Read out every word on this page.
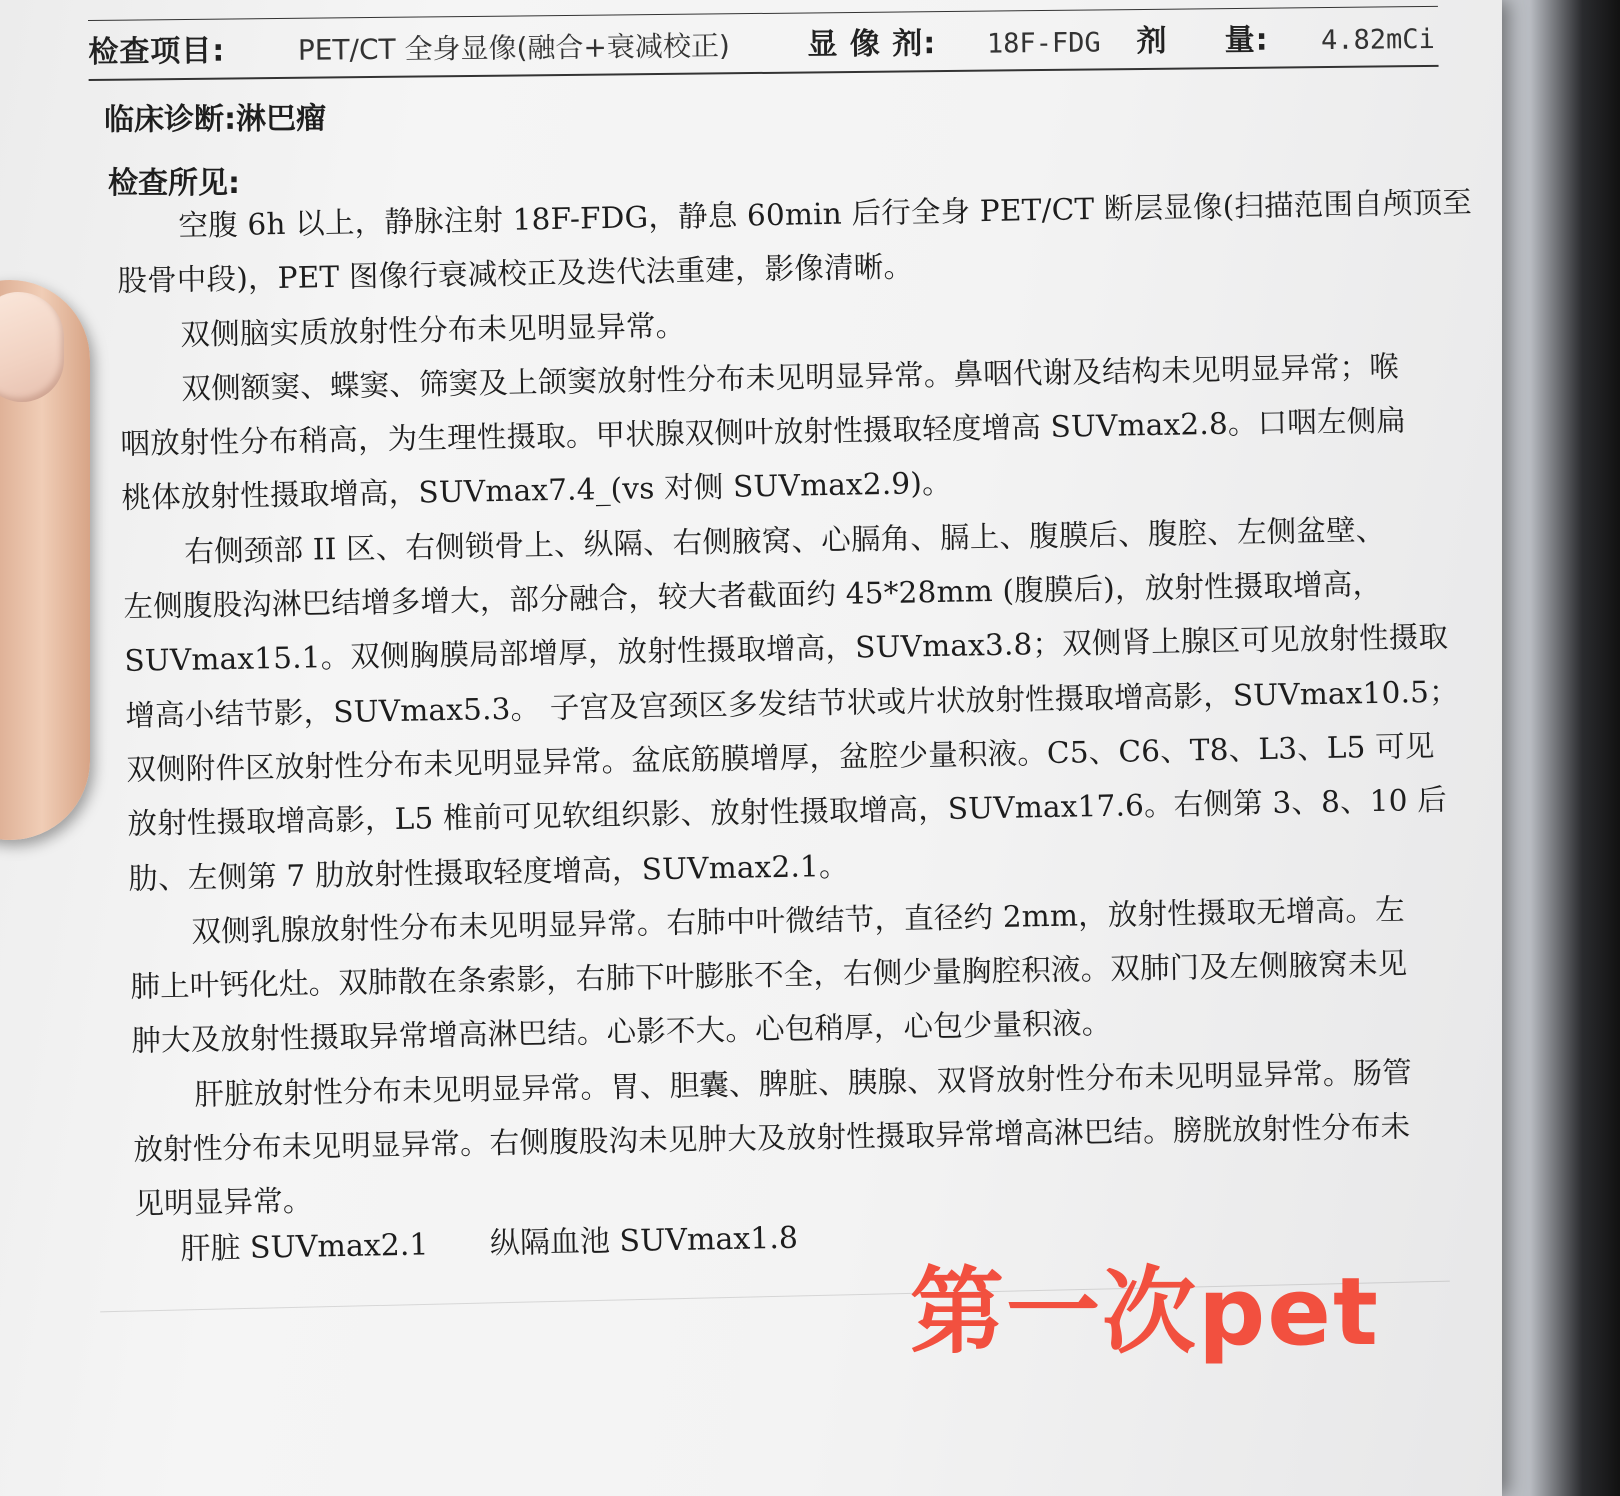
检查项目:	PET/CT 全身显像(融合+衰减校正)	显 像 剂: 18F-FDG 剂     量: 4.82mCi
临床诊断:淋巴瘤
检查所见:
空腹 6h 以上，静脉注射 18F-FDG，静息 60min 后行全身 PET/CT 断层显像(扫描范围自颅顶至
股骨中段)，PET 图像行衰减校正及迭代法重建，影像清晰。
双侧脑实质放射性分布未见明显异常。
双侧额窦、蝶窦、筛窦及上颌窦放射性分布未见明显异常。鼻咽代谢及结构未见明显异常；喉
咽放射性分布稍高，为生理性摄取。甲状腺双侧叶放射性摄取轻度增高 SUVmax2.8。口咽左侧扁
桃体放射性摄取增高，SUVmax7.4_(vs 对侧 SUVmax2.9)。
右侧颈部 II 区、右侧锁骨上、纵隔、右侧腋窝、心膈角、膈上、腹膜后、腹腔、左侧盆壁、
左侧腹股沟淋巴结增多增大，部分融合，较大者截面约 45*28mm (腹膜后)，放射性摄取增高，
SUVmax15.1。双侧胸膜局部增厚，放射性摄取增高，SUVmax3.8；双侧肾上腺区可见放射性摄取
增高小结节影，SUVmax5.3。 子宫及宫颈区多发结节状或片状放射性摄取增高影，SUVmax10.5；
双侧附件区放射性分布未见明显异常。盆底筋膜增厚，盆腔少量积液。C5、C6、T8、L3、L5 可见
放射性摄取增高影，L5 椎前可见软组织影、放射性摄取增高，SUVmax17.6。右侧第 3、8、10 后
肋、左侧第 7 肋放射性摄取轻度增高，SUVmax2.1。
双侧乳腺放射性分布未见明显异常。右肺中叶微结节，直径约 2mm，放射性摄取无增高。左
肺上叶钙化灶。双肺散在条索影，右肺下叶膨胀不全，右侧少量胸腔积液。双肺门及左侧腋窝未见
肿大及放射性摄取异常增高淋巴结。心影不大。心包稍厚，心包少量积液。
肝脏放射性分布未见明显异常。胃、胆囊、脾脏、胰腺、双肾放射性分布未见明显异常。肠管
放射性分布未见明显异常。右侧腹股沟未见肿大及放射性摄取异常增高淋巴结。膀胱放射性分布未
见明显异常。
肝脏 SUVmax2.1 纵隔血池 SUVmax1.8
第一次pet
